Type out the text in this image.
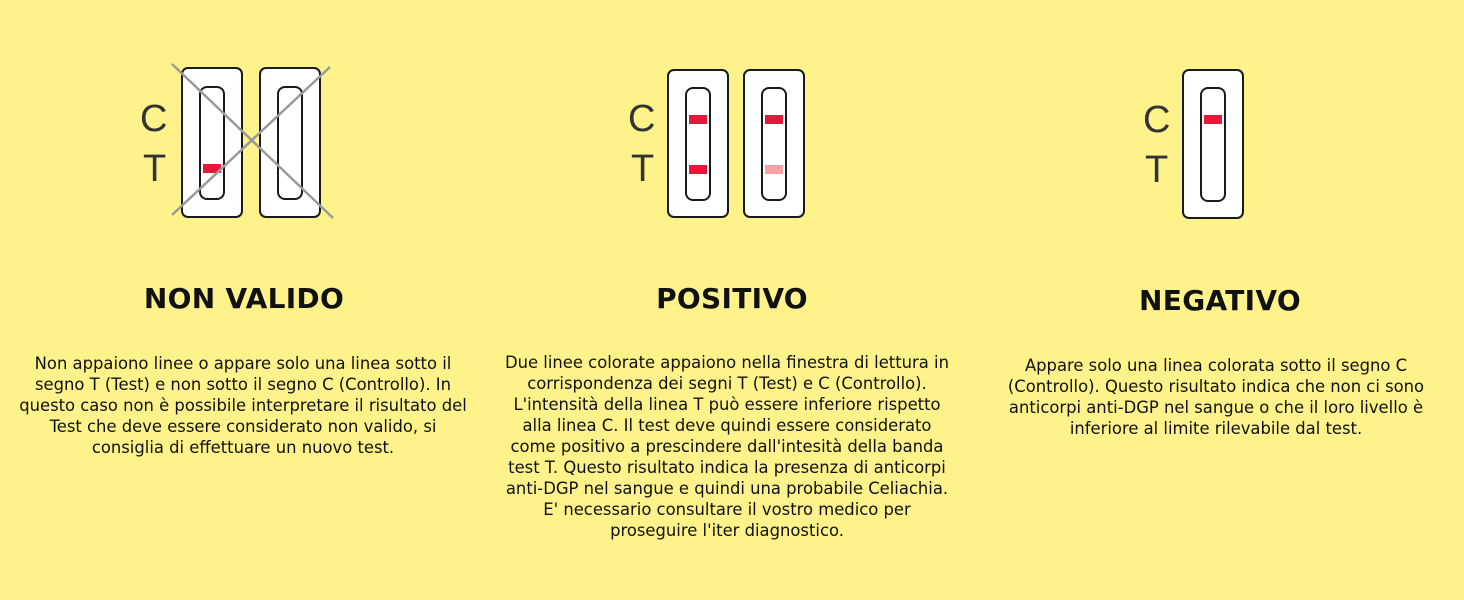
C
T
NON VALIDO

Non appaiono linee o appare solo una linea sotto il segno T (Test) e non sotto il segno C (Controllo). In questo caso non è possibile interpretare il risultato del Test che deve essere considerato non valido, si consiglia di effettuare un nuovo test.

C
T
POSITIVO

Due linee colorate appaiono nella finestra di lettura in corrispondenza dei segni T (Test) e C (Controllo). L'intensità della linea T può essere inferiore rispetto alla linea C. Il test deve quindi essere considerato come positivo a prescindere dall'intesità della banda test T. Questo risultato indica la presenza di anticorpi anti-DGP nel sangue e quindi una probabile Celiachia. E' necessario consultare il vostro medico per proseguire l'iter diagnostico.

C
T
NEGATIVO

Appare solo una linea colorata sotto il segno C (Controllo). Questo risultato indica che non ci sono anticorpi anti-DGP nel sangue o che il loro livello è inferiore al limite rilevabile dal test.
